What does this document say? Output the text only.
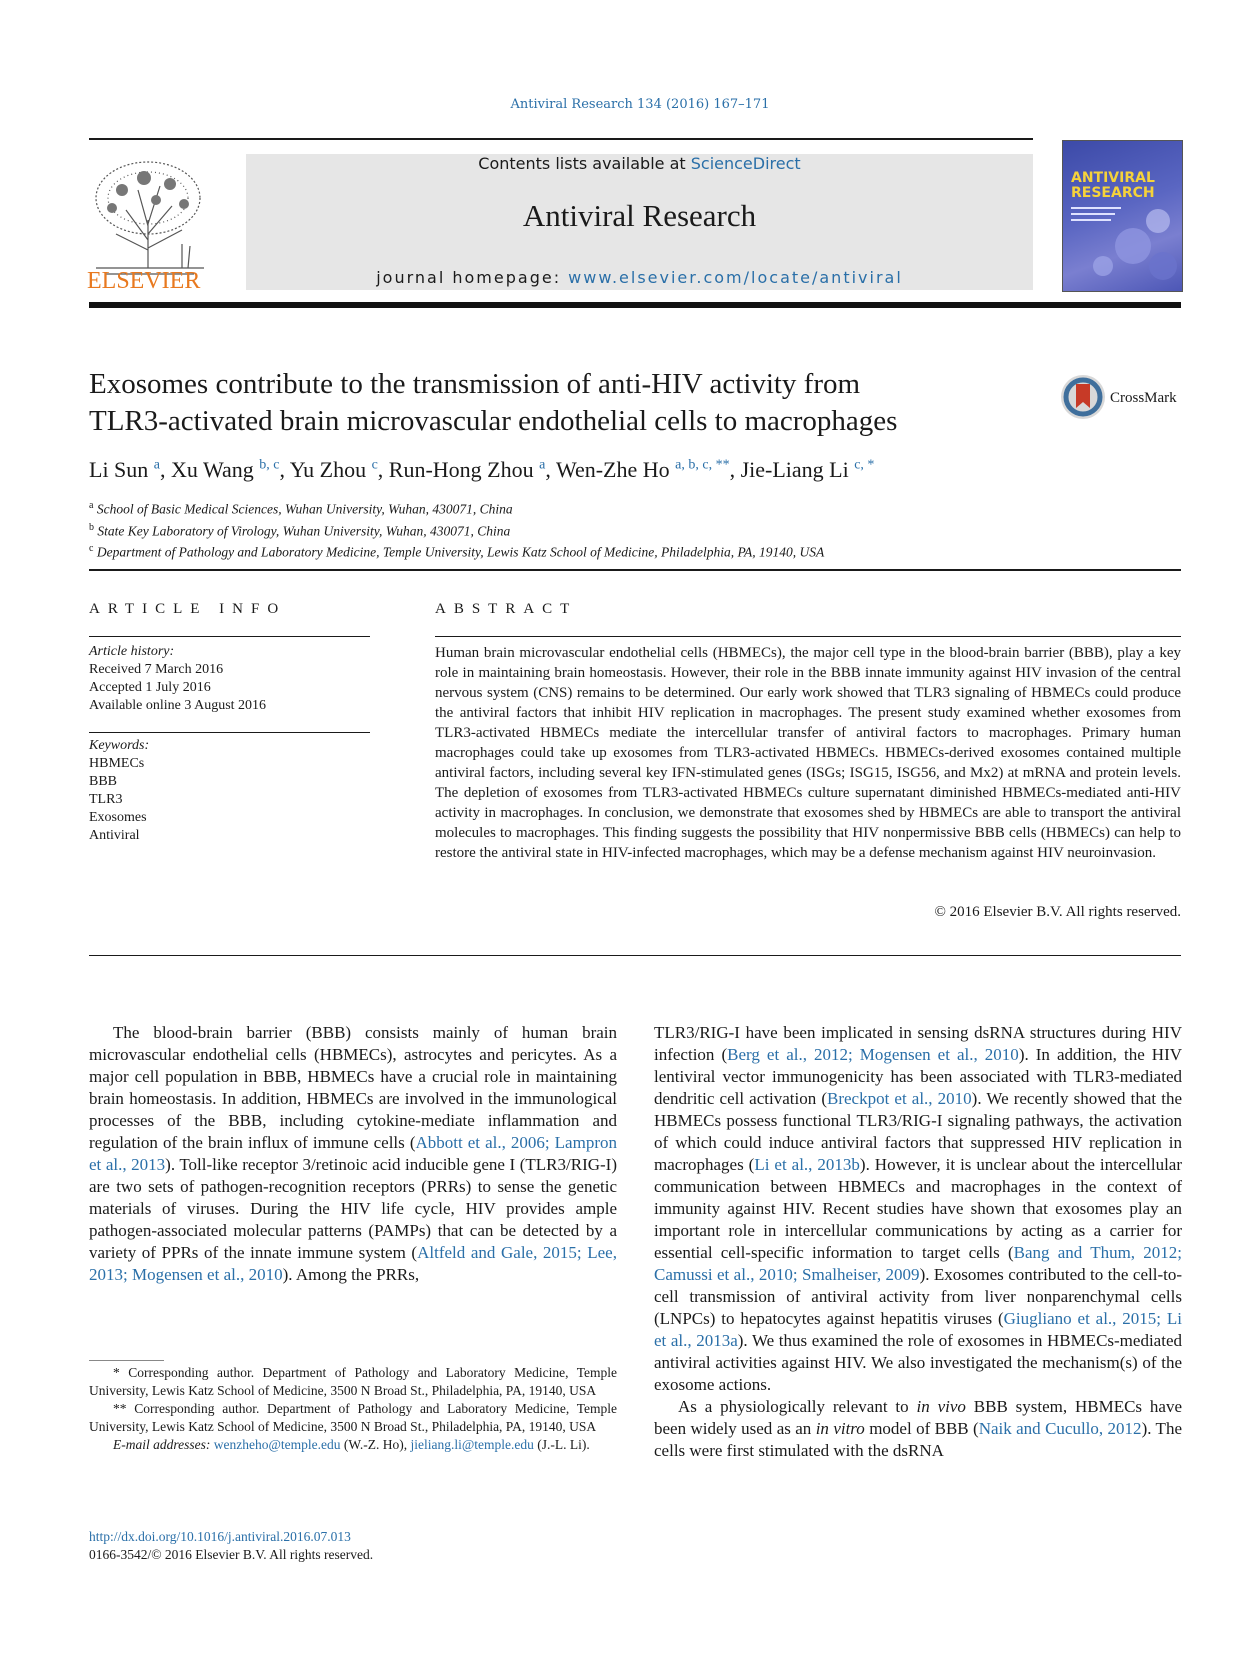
Antiviral Research 134 (2016) 167–171
ELSEVIER
Contents lists available at ScienceDirect
Antiviral Research
journal homepage: www.elsevier.com/locate/antiviral
ANTIVIRAL
RESEARCH
Exosomes contribute to the transmission of anti-HIV activity from
TLR3-activated brain microvascular endothelial cells to macrophages
CrossMark
Li Sun $^a$, Xu Wang $^{b, c}$, Yu Zhou $^c$, Run-Hong Zhou $^a$, Wen-Zhe Ho $^{a, b, c, **}$, Jie-Liang Li $^{c, *}$
$^a$ School of Basic Medical Sciences, Wuhan University, Wuhan, 430071, China
$^b$ State Key Laboratory of Virology, Wuhan University, Wuhan, 430071, China
$^c$ Department of Pathology and Laboratory Medicine, Temple University, Lewis Katz School of Medicine, Philadelphia, PA, 19140, USA
ARTICLE INFO
Article history:
Received 7 March 2016
Accepted 1 July 2016
Available online 3 August 2016
Keywords:
HBMECs
BBB
TLR3
Exosomes
Antiviral
ABSTRACT
Human brain microvascular endothelial cells (HBMECs), the major cell type in the blood-brain barrier (BBB), play a key role in maintaining brain homeostasis. However, their role in the BBB innate immunity against HIV invasion of the central nervous system (CNS) remains to be determined. Our early work showed that TLR3 signaling of HBMECs could produce the antiviral factors that inhibit HIV replication in macrophages. The present study examined whether exosomes from TLR3-activated HBMECs mediate the intercellular transfer of antiviral factors to macrophages. Primary human macrophages could take up exosomes from TLR3-activated HBMECs. HBMECs-derived exosomes contained multiple antiviral factors, including several key IFN-stimulated genes (ISGs; ISG15, ISG56, and Mx2) at mRNA and protein levels. The depletion of exosomes from TLR3-activated HBMECs culture supernatant diminished HBMECs-mediated anti-HIV activity in macrophages. In conclusion, we demonstrate that exosomes shed by HBMECs are able to transport the antiviral molecules to macrophages. This finding suggests the possibility that HIV nonpermissive BBB cells (HBMECs) can help to restore the antiviral state in HIV-infected macrophages, which may be a defense mechanism against HIV neuroinvasion.
© 2016 Elsevier B.V. All rights reserved.

The blood-brain barrier (BBB) consists mainly of human brain microvascular endothelial cells (HBMECs), astrocytes and pericytes. As a major cell population in BBB, HBMECs have a crucial role in maintaining brain homeostasis. In addition, HBMECs are involved in the immunological processes of the BBB, including cytokine-mediate inflammation and regulation of the brain influx of immune cells (Abbott et al., 2006; Lampron et al., 2013). Toll-like receptor 3/retinoic acid inducible gene I (TLR3/RIG-I) are two sets of pathogen-recognition receptors (PRRs) to sense the genetic materials of viruses. During the HIV life cycle, HIV provides ample pathogen-associated molecular patterns (PAMPs) that can be detected by a variety of PPRs of the innate immune system (Altfeld and Gale, 2015; Lee, 2013; Mogensen et al., 2010). Among the PRRs,

TLR3/RIG-I have been implicated in sensing dsRNA structures during HIV infection (Berg et al., 2012; Mogensen et al., 2010). In addition, the HIV lentiviral vector immunogenicity has been associated with TLR3-mediated dendritic cell activation (Breckpot et al., 2010). We recently showed that the HBMECs possess functional TLR3/RIG-I signaling pathways, the activation of which could induce antiviral factors that suppressed HIV replication in macrophages (Li et al., 2013b). However, it is unclear about the intercellular communication between HBMECs and macrophages in the context of immunity against HIV. Recent studies have shown that exosomes play an important role in intercellular communications by acting as a carrier for essential cell-specific information to target cells (Bang and Thum, 2012; Camussi et al., 2010; Smalheiser, 2009). Exosomes contributed to the cell-to-cell transmission of antiviral activity from liver nonparenchymal cells (LNPCs) to hepatocytes against hepatitis viruses (Giugliano et al., 2015; Li et al., 2013a). We thus examined the role of exosomes in HBMECs-mediated antiviral activities against HIV. We also investigated the mechanism(s) of the exosome actions.

As a physiologically relevant to in vivo BBB system, HBMECs have been widely used as an in vitro model of BBB (Naik and Cucullo, 2012). The cells were first stimulated with the dsRNA

* Corresponding author. Department of Pathology and Laboratory Medicine, Temple University, Lewis Katz School of Medicine, 3500 N Broad St., Philadelphia, PA, 19140, USA

** Corresponding author. Department of Pathology and Laboratory Medicine, Temple University, Lewis Katz School of Medicine, 3500 N Broad St., Philadelphia, PA, 19140, USA

E-mail addresses: wenzheho@temple.edu (W.-Z. Ho), jieliang.li@temple.edu (J.-L. Li).

http://dx.doi.org/10.1016/j.antiviral.2016.07.013
0166-3542/© 2016 Elsevier B.V. All rights reserved.
